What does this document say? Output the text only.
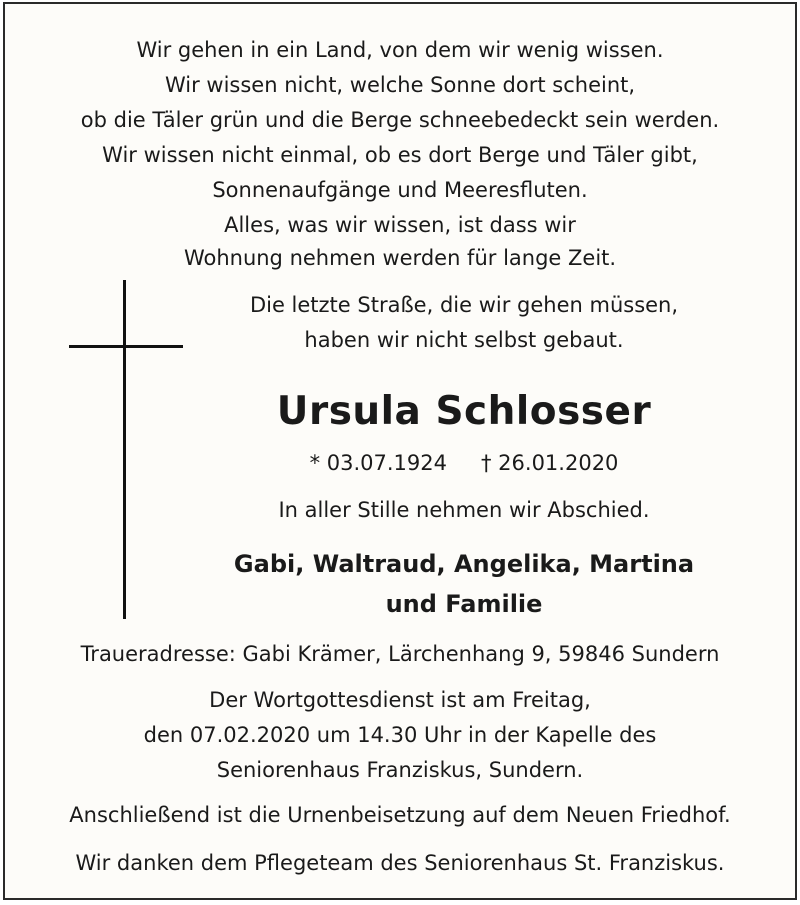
Wir gehen in ein Land, von dem wir wenig wissen.
Wir wissen nicht, welche Sonne dort scheint,
ob die Täler grün und die Berge schneebedeckt sein werden.
Wir wissen nicht einmal, ob es dort Berge und Täler gibt,
Sonnenaufgänge und Meeresfluten.
Alles, was wir wissen, ist dass wir
Wohnung nehmen werden für lange Zeit.
Die letzte Straße, die wir gehen müssen,
haben wir nicht selbst gebaut.
Ursula Schlosser
* 03.07.1924 † 26.01.2020
In aller Stille nehmen wir Abschied.
Gabi, Waltraud, Angelika, Martina
und Familie
Traueradresse: Gabi Krämer, Lärchenhang 9, 59846 Sundern
Der Wortgottesdienst ist am Freitag,
den 07.02.2020 um 14.30 Uhr in der Kapelle des
Seniorenhaus Franziskus, Sundern.
Anschließend ist die Urnenbeisetzung auf dem Neuen Friedhof.
Wir danken dem Pflegeteam des Seniorenhaus St. Franziskus.
